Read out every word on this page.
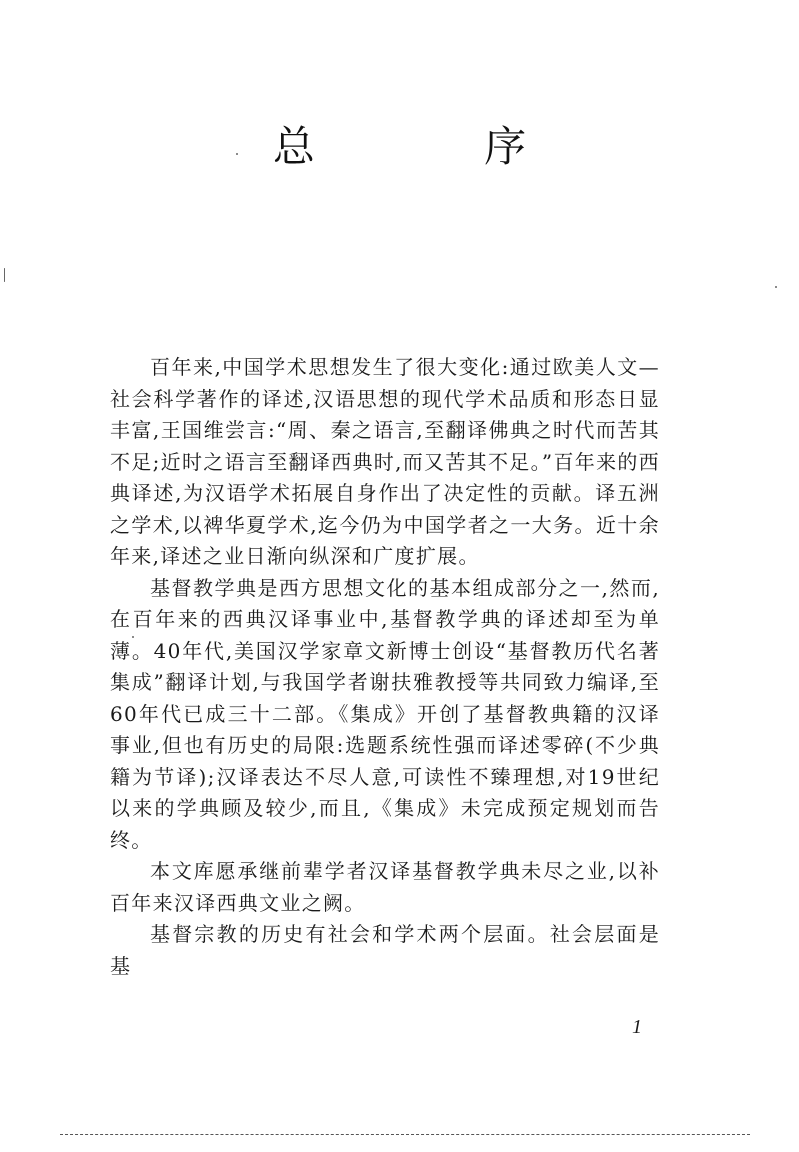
总 序

百年来,中国学术思想发生了很大变化:通过欧美人文—社会科学著作的译述,汉语思想的现代学术品质和形态日显丰富,王国维尝言:“周、秦之语言,至翻译佛典之时代而苦其不足;近时之语言至翻译西典时,而又苦其不足。”百年来的西典译述,为汉语学术拓展自身作出了决定性的贡献。译五洲之学术,以裨华夏学术,迄今仍为中国学者之一大务。近十余年来,译述之业日渐向纵深和广度扩展。

基督教学典是西方思想文化的基本组成部分之一,然而,在百年来的西典汉译事业中,基督教学典的译述却至为单薄。40年代,美国汉学家章文新博士创设“基督教历代名著集成”翻译计划,与我国学者谢扶雅教授等共同致力编译,至60年代已成三十二部。《集成》开创了基督教典籍的汉译事业,但也有历史的局限:选题系统性强而译述零碎(不少典籍为节译);汉译表达不尽人意,可读性不臻理想,对19世纪以来的学典顾及较少,而且,《集成》未完成预定规划而告终。

本文库愿承继前辈学者汉译基督教学典未尽之业,以补百年来汉译西典文业之阙。

基督宗教的历史有社会和学术两个层面。社会层面是基

1
